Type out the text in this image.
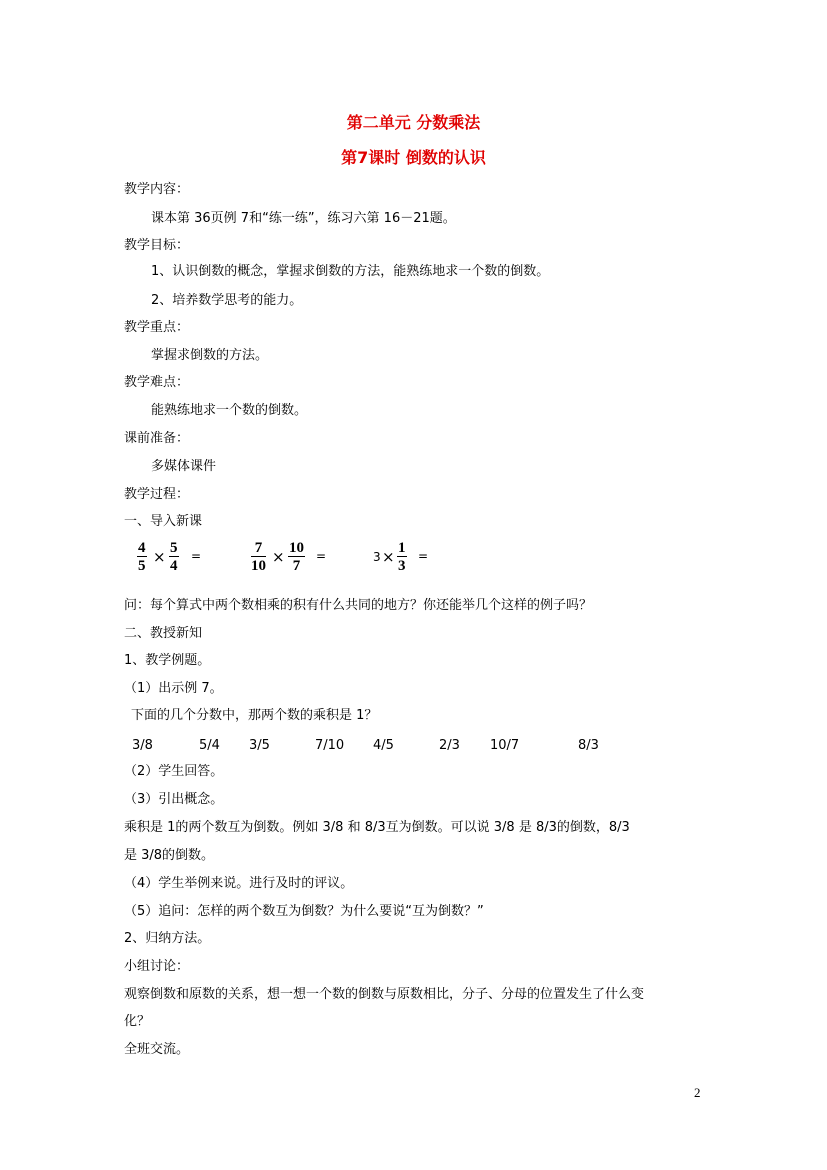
第二单元 分数乘法
第7课时 倒数的认识
教学内容：
课本第 36页例 7和“练一练”，练习六第 16－21题。
教学目标：
1、认识倒数的概念，掌握求倒数的方法，能熟练地求一个数的倒数。
2、培养数学思考的能力。
教学重点：
掌握求倒数的方法。
教学难点：
能熟练地求一个数的倒数。
课前准备：
多媒体课件
教学过程：
一、导入新课
$\frac{4}{5} \times \frac{5}{4}$ =	$\frac{7}{10} \times \frac{10}{7}$ =	$3 \times \frac{1}{3}$ =
问：每个算式中两个数相乘的积有什么共同的地方？你还能举几个这样的例子吗？
二、教授新知
1、教学例题。
（1）出示例 7。
下面的几个分数中，那两个数的乘积是 1？
3/8	5/4 3/5	7/10 4/5	2/3 10/7	8/3
（2）学生回答。
（3）引出概念。
乘积是 1的两个数互为倒数。例如 3/8 和 8/3互为倒数。可以说 3/8 是 8/3的倒数，8/3
是 3/8的倒数。
（4）学生举例来说。进行及时的评议。
（5）追问：怎样的两个数互为倒数？为什么要说“互为倒数？”
2、归纳方法。
小组讨论：
观察倒数和原数的关系，想一想一个数的倒数与原数相比，分子、分母的位置发生了什么变
化？
全班交流。
2
